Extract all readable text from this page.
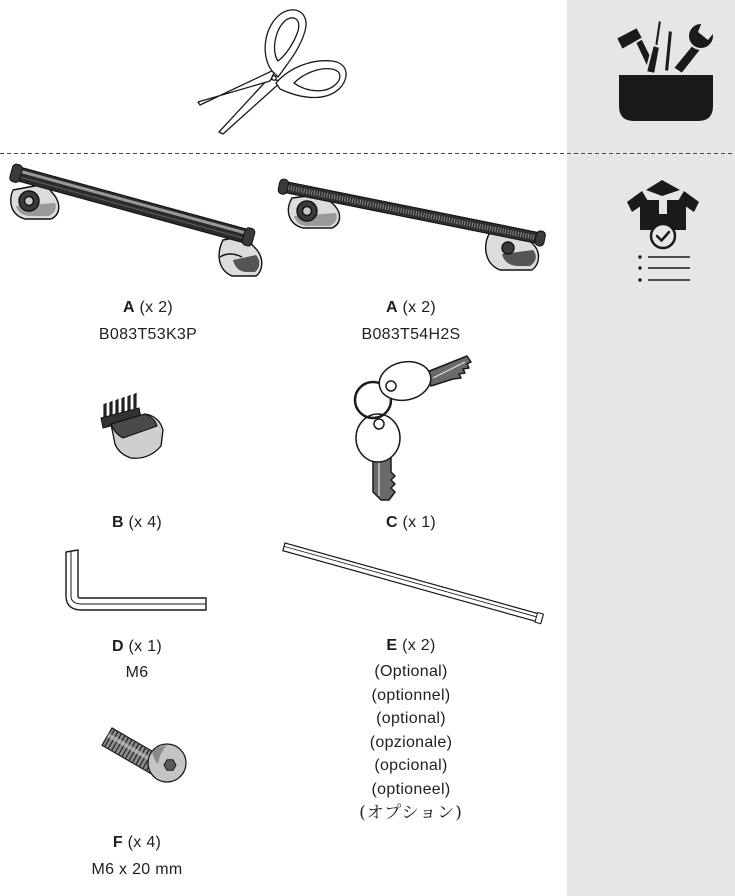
A (x 2)
B083T53K3P
A (x 2)
B083T54H2S
B (x 4)	C (x 1)
D (x 1)
M6
E (x 2)
(Optional)
(optionnel)
(optional)
(opzionale)
(opcional)
(optioneel)
(オプション)
F (x 4)
M6 x 20 mm
